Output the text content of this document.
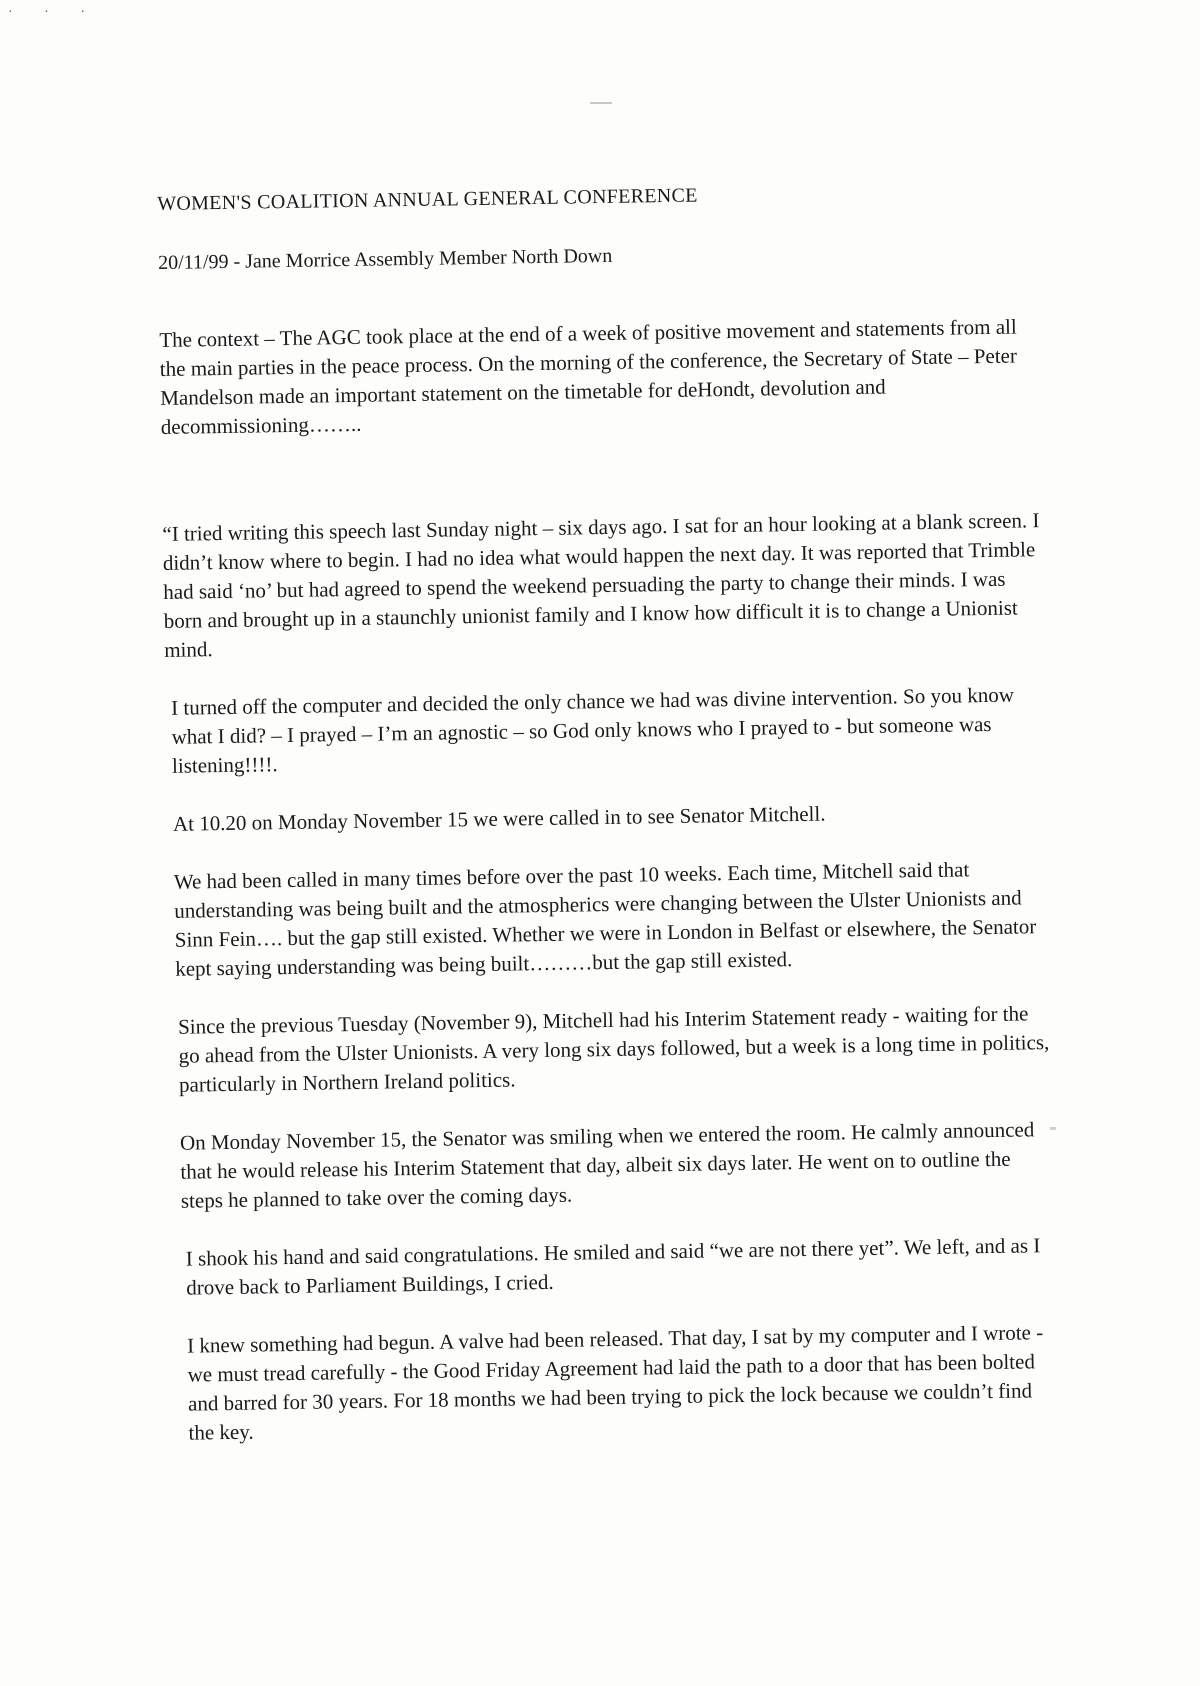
· · ·
WOMEN'S COALITION ANNUAL GENERAL CONFERENCE

20/11/99 - Jane Morrice Assembly Member North Down

The context – The AGC took place at the end of a week of positive movement and statements from all the main parties in the peace process. On the morning of the conference, the Secretary of State – Peter Mandelson made an important statement on the timetable for deHondt, devolution and decommissioning……..

“I tried writing this speech last Sunday night – six days ago. I sat for an hour looking at a blank screen. I didn’t know where to begin. I had no idea what would happen the next day. It was reported that Trimble had said ‘no’ but had agreed to spend the weekend persuading the party to change their minds. I was born and brought up in a staunchly unionist family and I know how difficult it is to change a Unionist mind.

I turned off the computer and decided the only chance we had was divine intervention. So you know what I did? – I prayed – I’m an agnostic – so God only knows who I prayed to - but someone was listening!!!!.

At 10.20 on Monday November 15 we were called in to see Senator Mitchell.

We had been called in many times before over the past 10 weeks. Each time, Mitchell said that understanding was being built and the atmospherics were changing between the Ulster Unionists and Sinn Fein…. but the gap still existed. Whether we were in London in Belfast or elsewhere, the Senator kept saying understanding was being built………but the gap still existed.

Since the previous Tuesday (November 9), Mitchell had his Interim Statement ready - waiting for the go ahead from the Ulster Unionists. A very long six days followed, but a week is a long time in politics, particularly in Northern Ireland politics.

On Monday November 15, the Senator was smiling when we entered the room. He calmly announced that he would release his Interim Statement that day, albeit six days later. He went on to outline the steps he planned to take over the coming days.

I shook his hand and said congratulations. He smiled and said “we are not there yet”. We left, and as I drove back to Parliament Buildings, I cried.

I knew something had begun. A valve had been released. That day, I sat by my computer and I wrote - we must tread carefully - the Good Friday Agreement had laid the path to a door that has been bolted and barred for 30 years. For 18 months we had been trying to pick the lock because we couldn’t find the key.
